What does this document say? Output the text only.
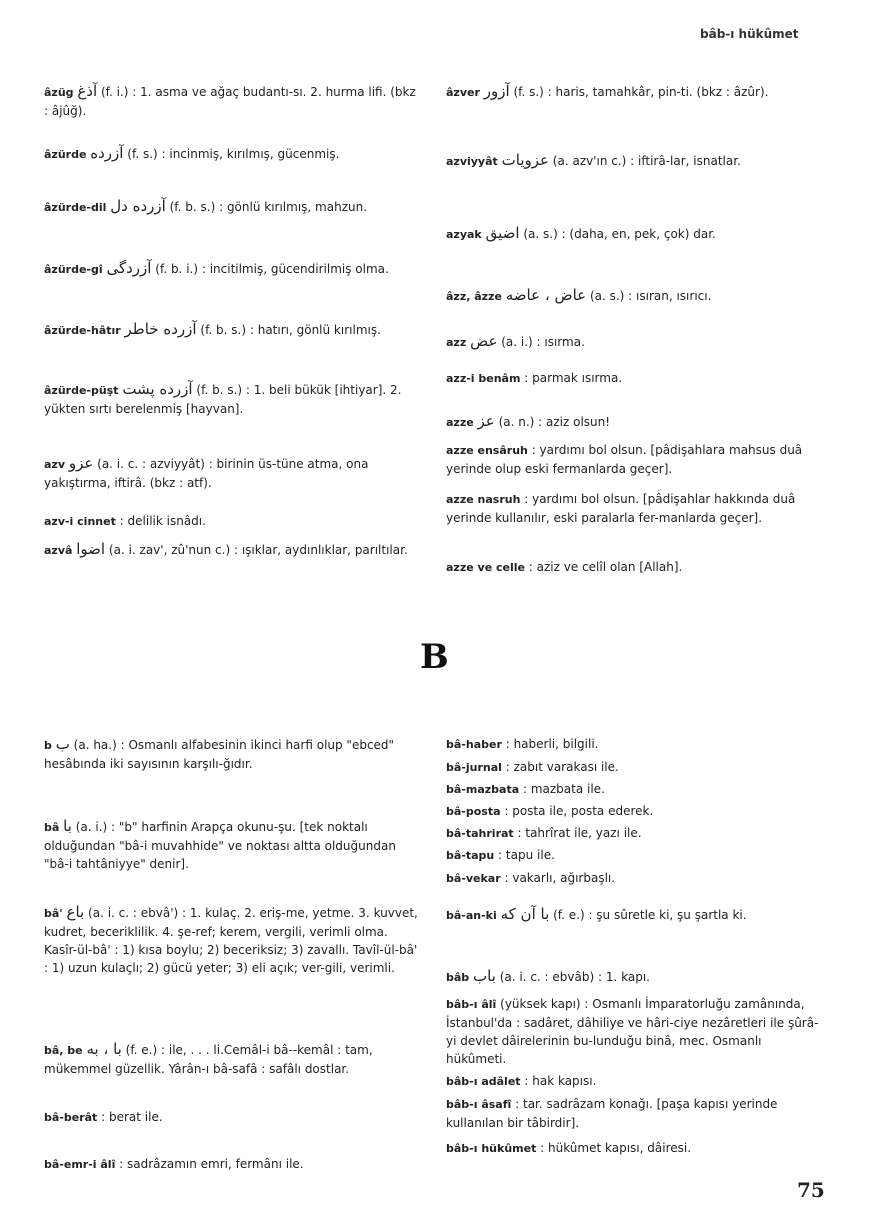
bâb-ı hükûmet

âzüg آذغ (f. i.) : 1. asma ve ağaç budantı-sı. 2. hurma lifi. (bkz : âjûğ).

âzürde آزرده (f. s.) : incinmiş, kırılmış, gücenmiş.

âzürde-dil آزرده دل (f. b. s.) : gönlü kırılmış, mahzun.

âzürde-gî آزردگی (f. b. i.) : incitilmiş, gücendirilmiş olma.

âzürde-hâtır آزرده خاطر (f. b. s.) : hatırı, gönlü kırılmış.

âzürde-püşt آزرده پشت (f. b. s.) : 1. beli bükük [ihtiyar]. 2. yükten sırtı berelenmiş [hayvan].

azv عزو (a. i. c. : azviyyât) : birinin üs-tüne atma, ona yakıştırma, iftirâ. (bkz : atf).

azv-i cinnet : delilik isnâdı.

azvâ اضوا (a. i. zav', zû'nun c.) : ışıklar, aydınlıklar, parıltılar.

âzver آزور (f. s.) : haris, tamahkâr, pin-ti. (bkz : âzûr).

azviyyât عزويات (a. azv'ın c.) : iftirâ-lar, isnatlar.

azyak اضيق (a. s.) : (daha, en, pek, çok) dar.

âzz, âzze عاض ، عاضه (a. s.) : ısıran, ısırıcı.

azz عض (a. i.) : ısırma.

azz-i benâm : parmak ısırma.

azze عز (a. n.) : aziz olsun!

azze ensâruh : yardımı bol olsun. [pâdişahlara mahsus duâ yerinde olup eski fermanlarda geçer].

azze nasruh : yardımı bol olsun. [pâdişahlar hakkında duâ yerinde kullanılır, eski paralarla fer-manlarda geçer].

azze ve celle : aziz ve celîl olan [Allah].

B

b ب (a. ha.) : Osmanlı alfabesinin ikinci harfi olup "ebced" hesâbında iki sayısının karşılı-ğıdır.

bâ با (a. i.) : "b" harfinin Arapça okunu-şu. [tek noktalı olduğundan "bâ-i muvahhide" ve noktası altta olduğundan "bâ-i tahtâniyye" denir].

bâ' باع (a. i. c. : ebvâ') : 1. kulaç. 2. eriş-me, yetme. 3. kuvvet, kudret, beceriklilik. 4. şe-ref; kerem, vergili, verimli olma. Kasîr-ül-bâ' : 1) kısa boylu; 2) beceriksiz; 3) zavallı. Tavîl-ül-bâ' : 1) uzun kulaçlı; 2) gücü yeter; 3) eli açık; ver-gili, verimli.

bâ, be با ، به (f. e.) : ile, . . . li.Cemâl-i bâ--kemâl : tam, mükemmel güzellik. Yârân-ı bâ-safâ : safâlı dostlar.

bâ-berât : berat ile.

bâ-emr-i âlî : sadrâzamın emri, fermânı ile.

bâ-haber : haberli, bilgili.

bâ-jurnal : zabıt varakası ile.

bâ-mazbata : mazbata ile.

bâ-posta : posta ile, posta ederek.

bâ-tahrirat : tahrîrat ile, yazı ile.

bâ-tapu : tapu ile.

bâ-vekar : vakarlı, ağırbaşlı.

bâ-an-ki با آن كه (f. e.) : şu sûretle ki, şu şartla ki.

bâb باب (a. i. c. : ebvâb) : 1. kapı.

bâb-ı âlî (yüksek kapı) : Osmanlı İmparatorluğu zamânında, İstanbul'da : sadâret, dâhiliye ve hâri-ciye nezâretleri ile şûrâ-yi devlet dâirelerinin bu-lunduğu binâ, mec. Osmanlı hükûmeti.

bâb-ı adâlet : hak kapısı.

bâb-ı âsafî : tar. sadrâzam konağı. [paşa kapısı yerinde kullanılan bir tâbirdir].

bâb-ı hükûmet : hükûmet kapısı, dâiresi.

75
